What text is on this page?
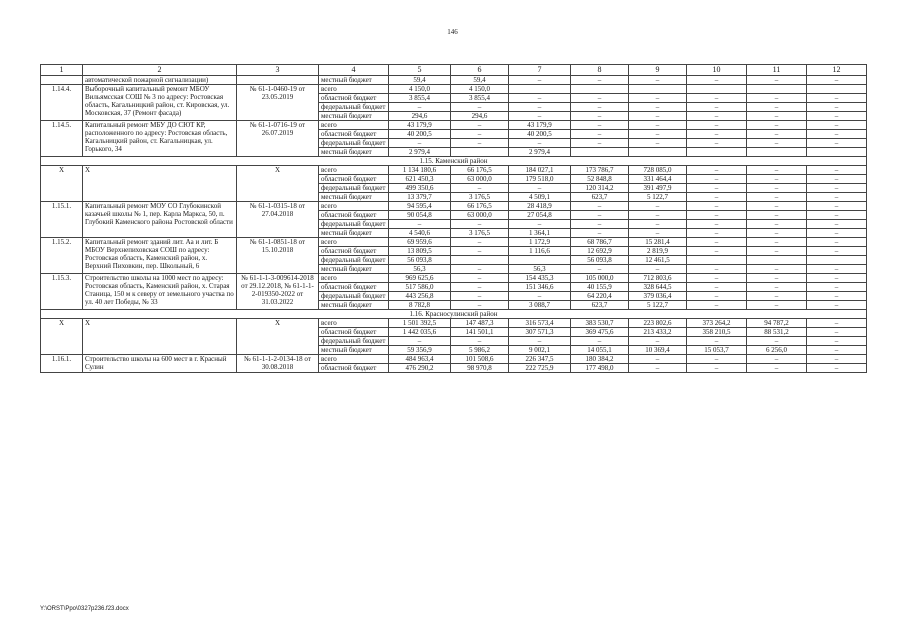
146
1	2	3	4	5	6	7	8	9	10	11	12
	автоматической пожарной сигнализации)		местный бюджет	59,4	59,4	–	–	–	–	–	–
1.14.4.	Выборочный капитальный ремонт МБОУ Вильямсская СОШ № 3 по адресу: Ростовская область, Кагальницкий район, ст. Кировская, ул. Московская, 37 (Ремонт фасада)	№ 61-1-0460-19 от 23.05.2019	всего	4 150,0	4 150,0						
			областной бюджет	3 855,4	3 855,4	–	–	–	–	–	–
			федеральный бюджет	–	–	–	–	–	–	–	–
			местный бюджет	294,6	294,6	–	–	–	–	–	–
1.14.5.	Капитальный ремонт МБУ ДО СЮТ КР, расположенного по адресу: Ростовская область, Кагальницкий район, ст. Кагальницкая, ул. Горького, 34	№ 61-1-0716-19 от 26.07.2019	всего	43 179,9	–	43 179,9	–	–	–	–	–
			областной бюджет	40 200,5	–	40 200,5	–	–	–	–	–
			федеральный бюджет	–	–	–	–	–	–	–	–
			местный бюджет	2 979,4		2 979,4					
1.15. Каменский район											
Х	Х	Х	всего	1 134 180,6	66 176,5	184 027,1	173 786,7	728 085,0	–	–	–
			областной бюджет	621 450,3	63 000,0	179 518,0	52 848,8	331 464,4	–	–	–
			федеральный бюджет	499 350,6	–	–	120 314,2	391 497,9	–	–	–
			местный бюджет	13 379,7	3 176,5	4 509,1	623,7	5 122,7	–	–	–
1.15.1.	Капитальный ремонт МОУ СО Глубокинской казачьей школы № 1, пер. Карла Маркса, 50, п. Глубокий Каменского района Ростовской области	№ 61-1-0315-18 от 27.04.2018	всего	94 595,4	66 176,5	28 418,9	–	–	–	–	–
			областной бюджет	90 054,8	63 000,0	27 054,8	–	–	–	–	–
			федеральный бюджет	–	–	–	–	–	–	–	–
			местный бюджет	4 540,6	3 176,5	1 364,1	–	–	–	–	–
1.15.2.	Капитальный ремонт зданий лит. Аа и лит. Б МБОУ Верхнепиховская СОШ по адресу: Ростовская область, Каменский район, х. Верхний Пиховкин, пер. Школьный, 6	№ 61-1-0851-18 от 15.10.2018	всего	69 959,6	–	1 172,9	68 786,7	15 281,4	–	–	–
			областной бюджет	13 809,5	–	1 116,6	12 692,9	2 819,9	–	–	–
			федеральный бюджет	56 093,8			56 093,8	12 461,5			
			местный бюджет	56,3	–	56,3	–	–	–	–	–
1.15.3.	Строительство школы на 1000 мест по адресу: Ростовская область, Каменский район, х. Старая Станица, 150 м к северу от земельного участка по ул. 40 лет Победы, № 33	№ 61-1-1-3-009614-2018 от 29.12.2018, № 61-1-1-2-019350-2022 от 31.03.2022	всего	969 625,6	–	154 435,3	105 000,0	712 803,6	–	–	–
			областной бюджет	517 586,0	–	151 346,6	40 155,9	328 644,5	–	–	–
			федеральный бюджет	443 256,8	–	–	64 220,4	379 036,4	–	–	–
			местный бюджет	8 782,8	–	3 088,7	623,7	5 122,7	–	–	–
1.16. Красносулинский район											
Х	Х	Х	всего	1 501 392,5	147 487,3	316 573,4	383 530,7	223 802,6	373 264,2	94 787,2	–
			областной бюджет	1 442 035,6	141 501,1	307 571,3	369 475,6	213 433,2	358 210,5	88 531,2	–
			федеральный бюджет	–	–	–	–	–	–	–	–
			местный бюджет	59 356,9	5 986,2	9 002,1	14 055,1	10 369,4	15 053,7	6 256,0	–
1.16.1.	Строительство школы на 600 мест в г. Красный Сулин	№ 61-1-1-2-0134-18 от 30.08.2018	всего	484 963,4	101 508,6	226 347,5	180 384,2	–	–	–	–
			областной бюджет	476 290,2	98 970,8	222 725,9	177 498,0	–	–	–	–
Y:\ORST\Ppo\0327p236.f23.docx
